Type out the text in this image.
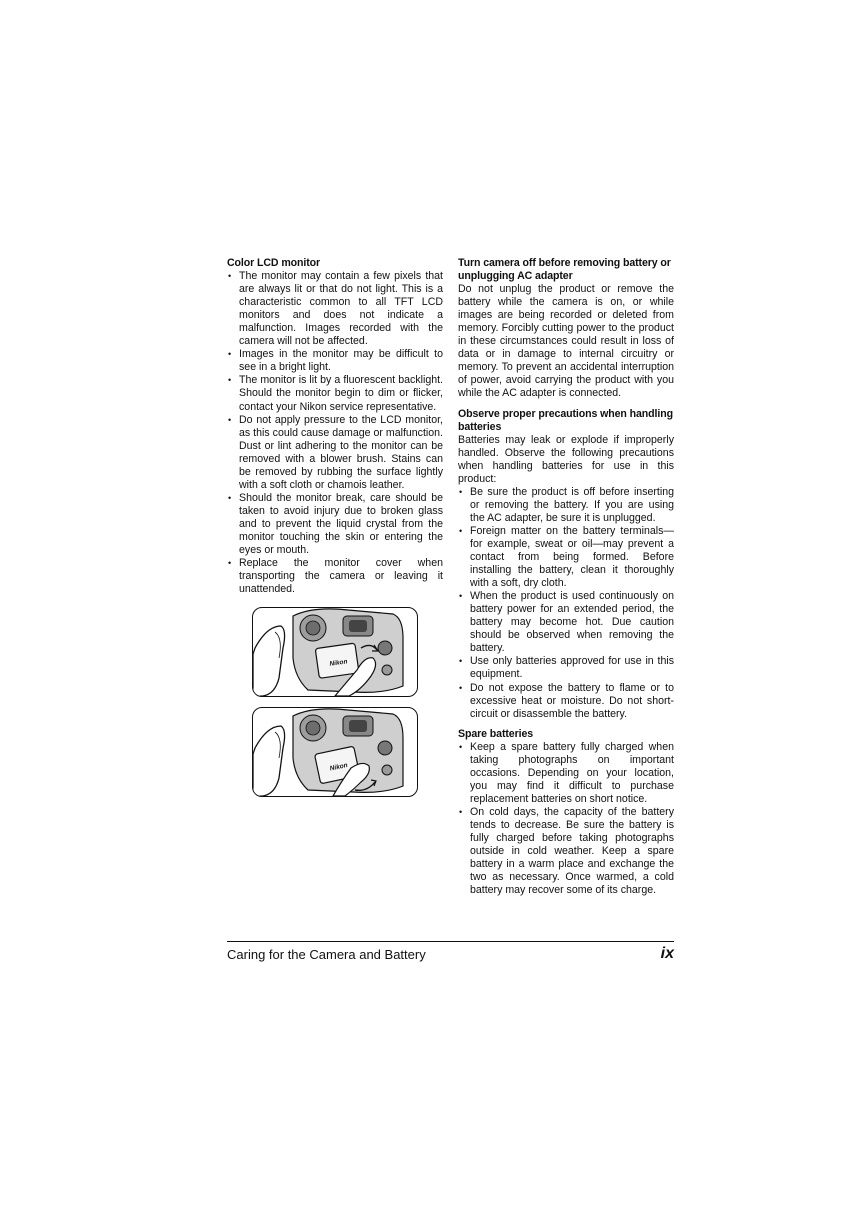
Color LCD monitor
• The monitor may contain a few pixels that are always lit or that do not light. This is a characteristic common to all TFT LCD monitors and does not indicate a malfunction. Images recorded with the camera will not be affected.
• Images in the monitor may be difficult to see in a bright light.
• The monitor is lit by a fluorescent backlight. Should the monitor begin to dim or flicker, contact your Nikon service representative.
• Do not apply pressure to the LCD monitor, as this could cause damage or malfunction. Dust or lint adhering to the monitor can be removed with a blower brush. Stains can be removed by rubbing the surface lightly with a soft cloth or chamois leather.
• Should the monitor break, care should be taken to avoid injury due to broken glass and to prevent the liquid crystal from the monitor touching the skin or entering the eyes or mouth.
• Replace the monitor cover when transporting the camera or leaving it unattended.
Nikon
Nikon
Turn camera off before removing battery or unplugging AC adapter

Do not unplug the product or remove the battery while the camera is on, or while images are being recorded or deleted from memory. Forcibly cutting power to the product in these circumstances could result in loss of data or in damage to internal circuitry or memory. To prevent an accidental interruption of power, avoid carrying the product with you while the AC adapter is connected.

Observe proper precautions when handling batteries

Batteries may leak or explode if improperly handled. Observe the following precautions when handling batteries for use in this product:

• Be sure the product is off before inserting or removing the battery. If you are using the AC adapter, be sure it is unplugged.
• Foreign matter on the battery terminals—for example, sweat or oil—may prevent a contact from being formed. Before installing the battery, clean it thoroughly with a soft, dry cloth.
• When the product is used continuously on battery power for an extended period, the battery may become hot. Due caution should be observed when removing the battery.
• Use only batteries approved for use in this equipment.
• Do not expose the battery to flame or to excessive heat or moisture. Do not short-circuit or disassemble the battery.
Spare batteries
• Keep a spare battery fully charged when taking photographs on important occasions. Depending on your location, you may find it difficult to purchase replacement batteries on short notice.
• On cold days, the capacity of the battery tends to decrease. Be sure the battery is fully charged before taking photographs outside in cold weather. Keep a spare battery in a warm place and exchange the two as necessary. Once warmed, a cold battery may recover some of its charge.
Caring for the Camera and Battery	ix
